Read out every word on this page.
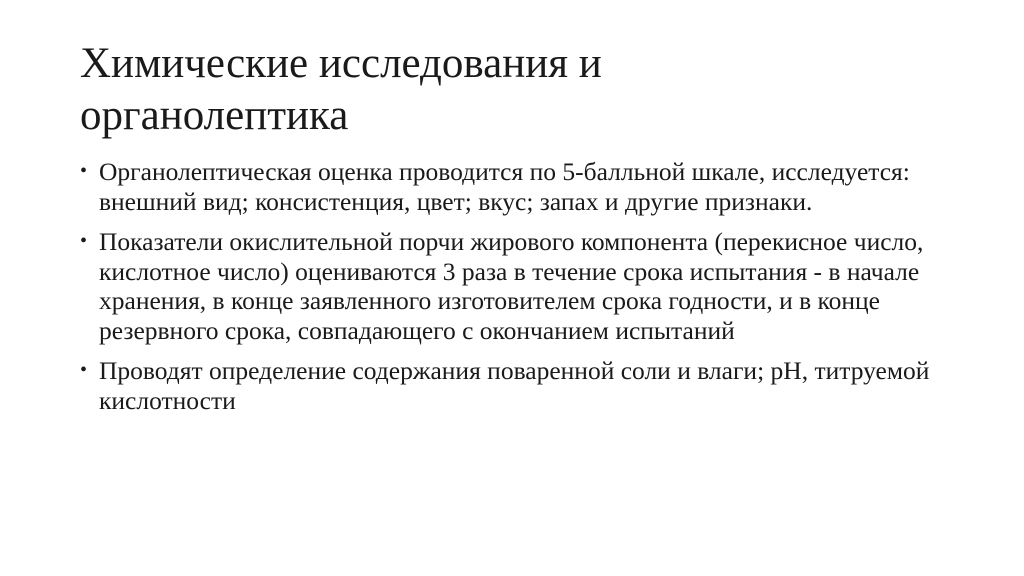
Химические исследования и
органолептика
• Органолептическая оценка проводится по 5-балльной шкале, исследуется: внешний вид; консистенция, цвет; вкус; запах и другие признаки.
• Показатели окислительной порчи жирового компонента (перекисное число, кислотное число) оцениваются 3 раза в течение срока испытания - в начале хранения, в конце заявленного изготовителем срока годности, и в конце резервного срока, совпадающего с окончанием испытаний
• Проводят определение содержания поваренной соли и влаги; рН, титруемой кислотности
